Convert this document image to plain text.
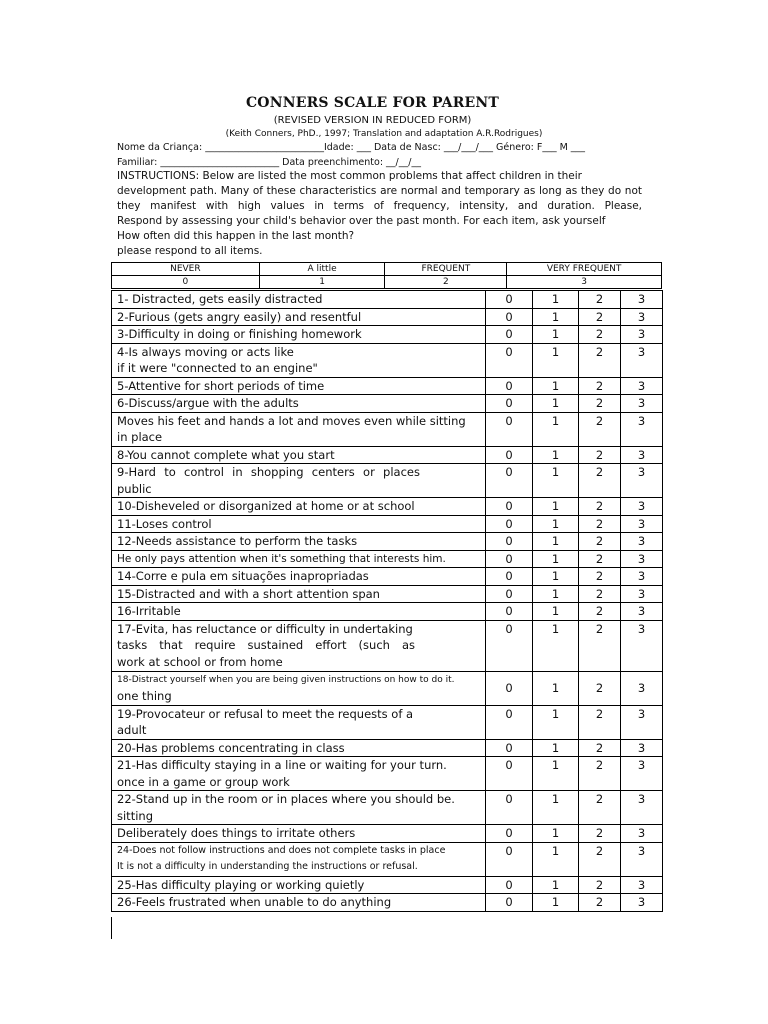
CONNERS SCALE FOR PARENT
(REVISED VERSION IN REDUCED FORM)
(Keith Conners, PhD., 1997; Translation and adaptation A.R.Rodrigues)
Nome da Criança: _________________________Idade: ___ Data de Nasc: ___/___/___ Género: F___ M ___
Familiar: _________________________ Data preenchimento: __/__/__

INSTRUCTIONS: Below are listed the most common problems that affect children in their

development path. Many of these characteristics are normal and temporary as long as they do not

they manifest with high values in terms of frequency, intensity, and duration. Please,

Respond by assessing your child's behavior over the past month. For each item, ask yourself

How often did this happen in the last month?

please respond to all items.

NEVER	A little	FREQUENT	VERY FREQUENT
0	1	2	3
1- Distracted, gets easily distracted	0	1	2	3

2-Furious (gets angry easily) and resentful	0	1	2	3

3-Difficulty in doing or finishing homework	0	1	2	3

4-Is always moving or acts like
if it were "connected to an engine"	0	1	2	3

5-Attentive for short periods of time	0	1	2	3

6-Discuss/argue with the adults	0	1	2	3

Moves his feet and hands a lot and moves even while sitting
in place	0	1	2	3

8-You cannot complete what you start	0	1	2	3

9-Hard to control in shopping centers or places
public	0	1	2	3

10-Disheveled or disorganized at home or at school	0	1	2	3

11-Loses control	0	1	2	3

12-Needs assistance to perform the tasks	0	1	2	3

He only pays attention when it's something that interests him.	0	1	2	3

14-Corre e pula em situações inapropriadas	0	1	2	3

15-Distracted and with a short attention span	0	1	2	3

16-Irritable	0	1	2	3

17-Evita, has reluctance or difficulty in undertaking
tasks that require sustained effort (such as
work at school or from home	0	1	2	3

18-Distract yourself when you are being given instructions on how to do it.
one thing	0	1	2	3

19-Provocateur or refusal to meet the requests of a
adult	0	1	2	3

20-Has problems concentrating in class	0	1	2	3

21-Has difficulty staying in a line or waiting for your turn.
once in a game or group work	0	1	2	3

22-Stand up in the room or in places where you should be.
sitting	0	1	2	3

Deliberately does things to irritate others	0	1	2	3

24-Does not follow instructions and does not complete tasks in place
It is not a difficulty in understanding the instructions or refusal.	0	1	2	3

25-Has difficulty playing or working quietly	0	1	2	3

26-Feels frustrated when unable to do anything	0	1	2	3
